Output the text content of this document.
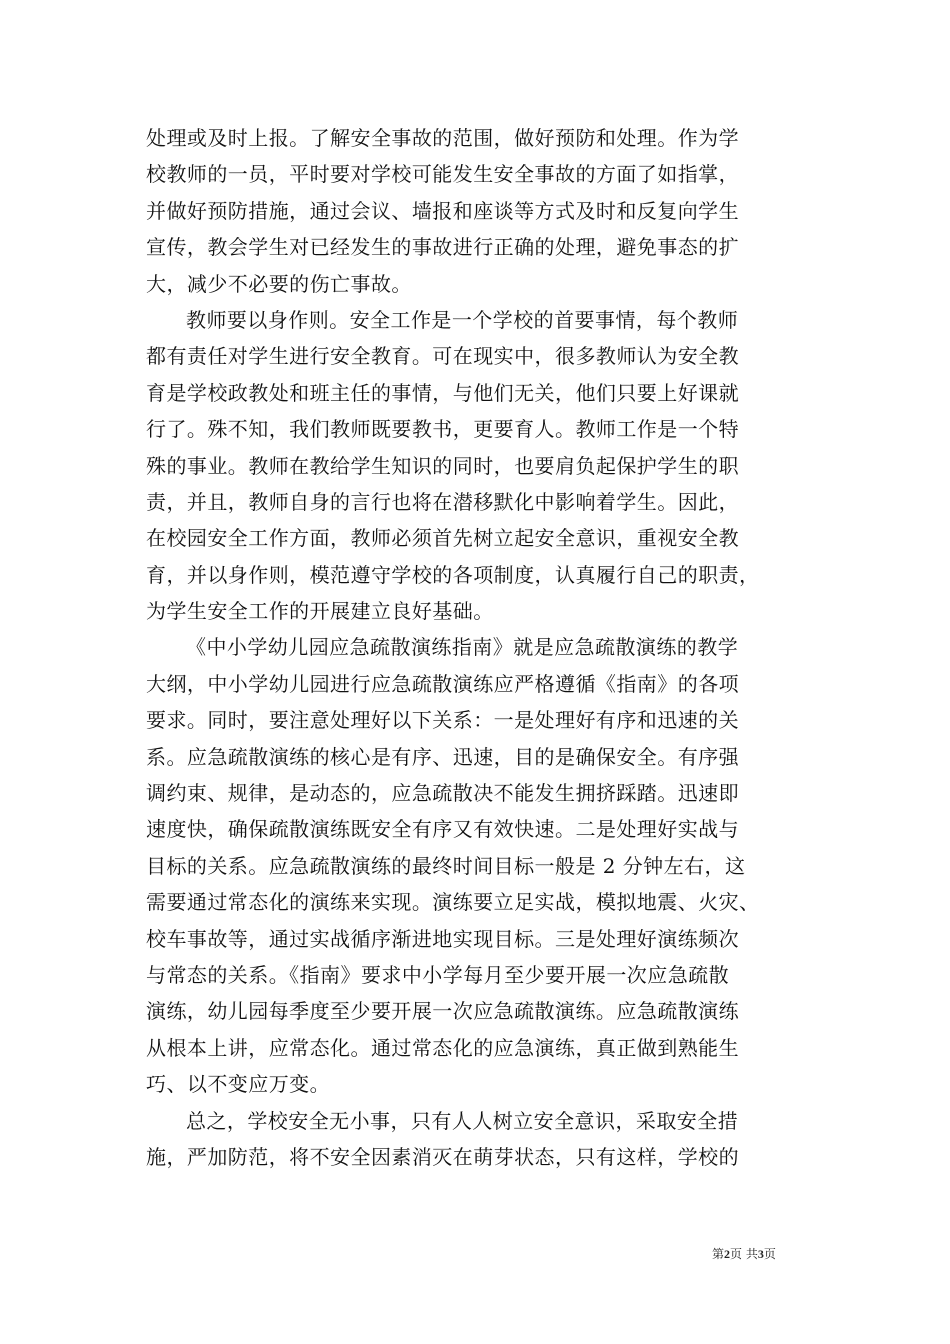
处理或及时上报。了解安全事故的范围，做好预防和处理。作为学
校教师的一员，平时要对学校可能发生安全事故的方面了如指掌，
并做好预防措施，通过会议、墙报和座谈等方式及时和反复向学生
宣传，教会学生对已经发生的事故进行正确的处理，避免事态的扩
大，减少不必要的伤亡事故。
教师要以身作则。安全工作是一个学校的首要事情，每个教师
都有责任对学生进行安全教育。可在现实中，很多教师认为安全教
育是学校政教处和班主任的事情，与他们无关，他们只要上好课就
行了。殊不知，我们教师既要教书，更要育人。教师工作是一个特
殊的事业。教师在教给学生知识的同时，也要肩负起保护学生的职
责，并且，教师自身的言行也将在潜移默化中影响着学生。因此，
在校园安全工作方面，教师必须首先树立起安全意识，重视安全教
育，并以身作则，模范遵守学校的各项制度，认真履行自己的职责，
为学生安全工作的开展建立良好基础。
《中小学幼儿园应急疏散演练指南》就是应急疏散演练的教学
大纲，中小学幼儿园进行应急疏散演练应严格遵循《指南》的各项
要求。同时，要注意处理好以下关系：一是处理好有序和迅速的关
系。应急疏散演练的核心是有序、迅速，目的是确保安全。有序强
调约束、规律，是动态的，应急疏散决不能发生拥挤踩踏。迅速即
速度快，确保疏散演练既安全有序又有效快速。二是处理好实战与
目标的关系。应急疏散演练的最终时间目标一般是 2 分钟左右，这
需要通过常态化的演练来实现。演练要立足实战，模拟地震、火灾、
校车事故等，通过实战循序渐进地实现目标。三是处理好演练频次
与常态的关系。《指南》要求中小学每月至少要开展一次应急疏散
演练，幼儿园每季度至少要开展一次应急疏散演练。应急疏散演练
从根本上讲，应常态化。通过常态化的应急演练，真正做到熟能生
巧、以不变应万变。
总之，学校安全无小事，只有人人树立安全意识，采取安全措
施，严加防范，将不安全因素消灭在萌芽状态，只有这样，学校的
第2页 共3页
